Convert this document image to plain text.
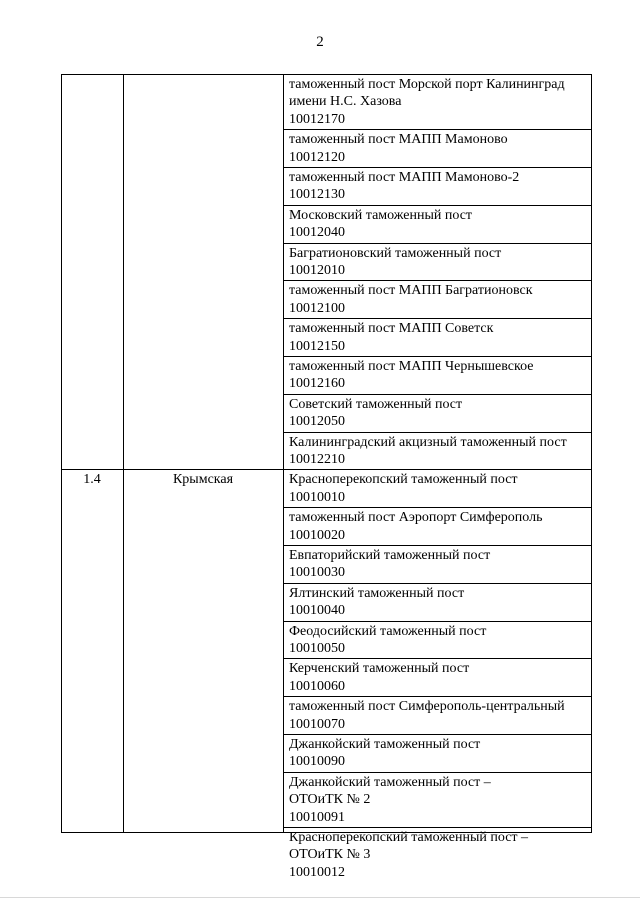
2
таможенный пост Морской порт Калининград
имени Н.С. Хазова
10012170
таможенный пост МАПП Мамоново
10012120
таможенный пост МАПП Мамоново-2
10012130
Московский таможенный пост
10012040
Багратионовский таможенный пост
10012010
таможенный пост МАПП Багратионовск
10012100
таможенный пост МАПП Советск
10012150
таможенный пост МАПП Чернышевское
10012160
Советский таможенный пост
10012050
Калининградский акцизный таможенный пост
10012210
1.4	Крымская	Красноперекопский таможенный пост
10010010
таможенный пост Аэропорт Симферополь
10010020
Евпаторийский таможенный пост
10010030
Ялтинский таможенный пост
10010040
Феодосийский таможенный пост
10010050
Керченский таможенный пост
10010060
таможенный пост Симферополь-центральный
10010070
Джанкойский таможенный пост
10010090
Джанкойский таможенный пост –
ОТОиТК № 2
10010091
Красноперекопский таможенный пост –
ОТОиТК № 3
10010012
